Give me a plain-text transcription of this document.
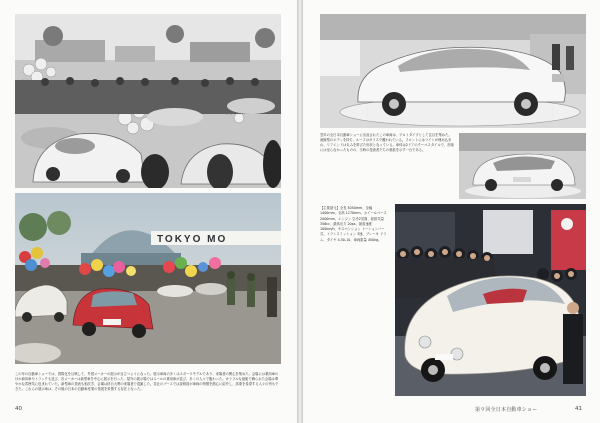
TOKYO MO
この年の自動車ショーでは、国際化を反映して、外国メーカーの展示が目立つようになった。展示車両の多くはスポーツモデルであり、来場者の関心を集めた。会場には乗用車のほか商用車やトラックも並び、各メーカーは新型車を中心に展示を行った。屋外の展示場ではスバルの乗用車が並び、多くの人々で賑わった。カラフルな風船で飾られた会場は華やかな雰囲気に包まれていた。新型車の発表も相次ぎ、会場は終日大勢の来場者で混雑した。各社のブースでは説明員が車両の特徴を熱心に紹介し、試乗を希望する人々の列もできた。これらの展示車は、その後の日本の自動車産業の発展を象徴する存在となった。
40
翌年の全日本自動車ショーに出品されたこの車両は、プロトタイプとして注目を集めた。流線型のボディを持ち、ルーフはガラスで覆われている。フロントにはライトが埋め込まれ、リアエンドは丸みを帯びた形状となっている。車体は2ドアのクーペスタイルで、市販には至らなかったものの、当時の技術者たちの意欲を示す一台である。
【主要諸元】全長 3050mm、全幅 1400mm、全高 1170mm、ホイールベース 2000mm、エンジン 空冷2気筒、総排気量 356cc、最高出力 20ps、最高速度 100km/h、サスペンション トーションバー式、トランスミッション 3速、ブレーキ ドラム、タイヤ 4.50-10、車両重量 450kg。
第９回全日本自動車ショー	41
